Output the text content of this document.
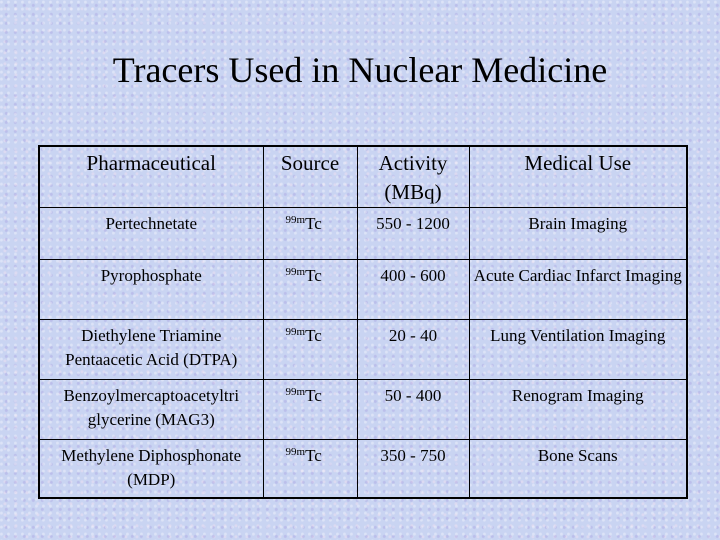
Tracers Used in Nuclear Medicine
Pharmaceutical	Source	Activity (MBq)	Medical Use
Pertechnetate	$^{99m}$Tc	550 - 1200	Brain Imaging
Pyrophosphate	$^{99m}$Tc	400 - 600	Acute Cardiac Infarct Imaging
Diethylene Triamine Pentaacetic Acid (DTPA)	$^{99m}$Tc	20 - 40	Lung Ventilation Imaging
Benzoylmercaptoacetyltri glycerine (MAG3)	$^{99m}$Tc	50 - 400	Renogram Imaging
Methylene Diphosphonate (MDP)	$^{99m}$Tc	350 - 750	Bone Scans
